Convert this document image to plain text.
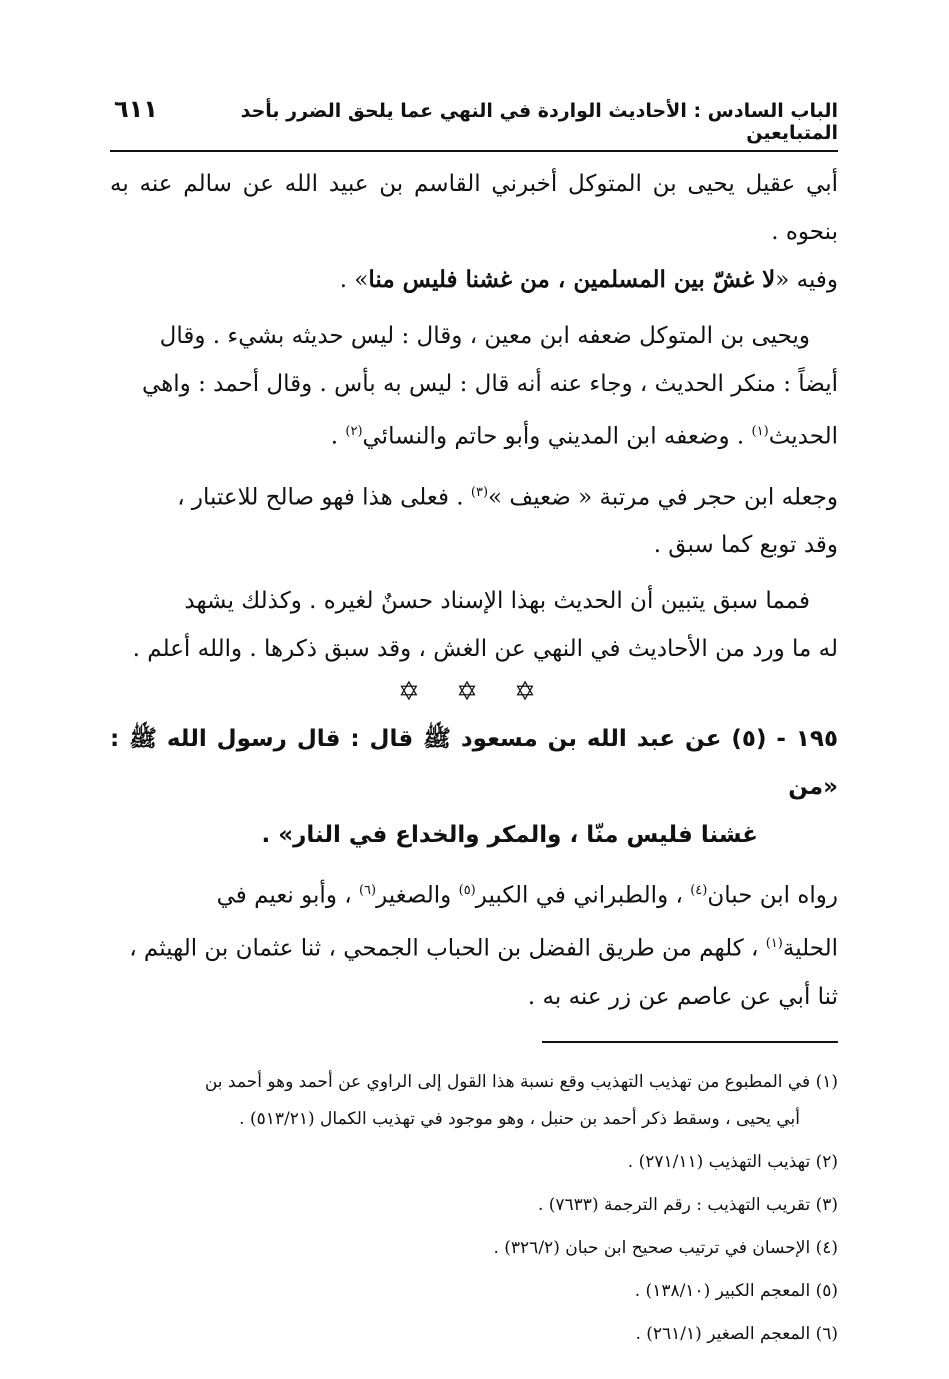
الباب السادس : الأحاديث الواردة في النهي عما يلحق الضرر بأحد المتبايعين
٦١١

أبي عقيل يحيى بن المتوكل أخبرني القاسم بن عبيد الله عن سالم عنه به بنحوه .

وفيه «لا غشّ بين المسلمين ، من غشنا فليس منا» .

ويحيى بن المتوكل ضعفه ابن معين ، وقال : ليس حديثه بشيء . وقال

أيضاً : منكر الحديث ، وجاء عنه أنه قال : ليس به بأس . وقال أحمد : واهي

الحديث$^{(١)}$ . وضعفه ابن المديني وأبو حاتم والنسائي$^{(٢)}$ .

وجعله ابن حجر في مرتبة « ضعيف »$^{(٣)}$ . فعلى هذا فهو صالح للاعتبار ،

وقد توبع كما سبق .

فمما سبق يتبين أن الحديث بهذا الإسناد حسنٌ لغيره . وكذلك يشهد

له ما ورد من الأحاديث في النهي عن الغش ، وقد سبق ذكرها . والله أعلم .

✡ ✡ ✡

١٩٥ - (٥) عن عبد الله بن مسعود ﷺ قال : قال رسول الله ﷺ : «من

غشنا فليس منّا ، والمكر والخداع في النار» .

رواه ابن حبان$^{(٤)}$ ، والطبراني في الكبير$^{(٥)}$ والصغير$^{(٦)}$ ، وأبو نعيم في

الحلية$^{(١)}$ ، كلهم من طريق الفضل بن الحباب الجمحي ، ثنا عثمان بن الهيثم ،

ثنا أبي عن عاصم عن زر عنه به .

(١) في المطبوع من تهذيب التهذيب وقع نسبة هذا القول إلى الراوي عن أحمد وهو أحمد بن

أبي يحيى ، وسقط ذكر أحمد بن حنبل ، وهو موجود في تهذيب الكمال (٥١٣/٢١) .

(٢) تهذيب التهذيب (٢٧١/١١) .

(٣) تقريب التهذيب : رقم الترجمة (٧٦٣٣) .

(٤) الإحسان في ترتيب صحيح ابن حبان (٣٢٦/٢) .

(٥) المعجم الكبير (١٣٨/١٠) .

(٦) المعجم الصغير (٢٦١/١) .
